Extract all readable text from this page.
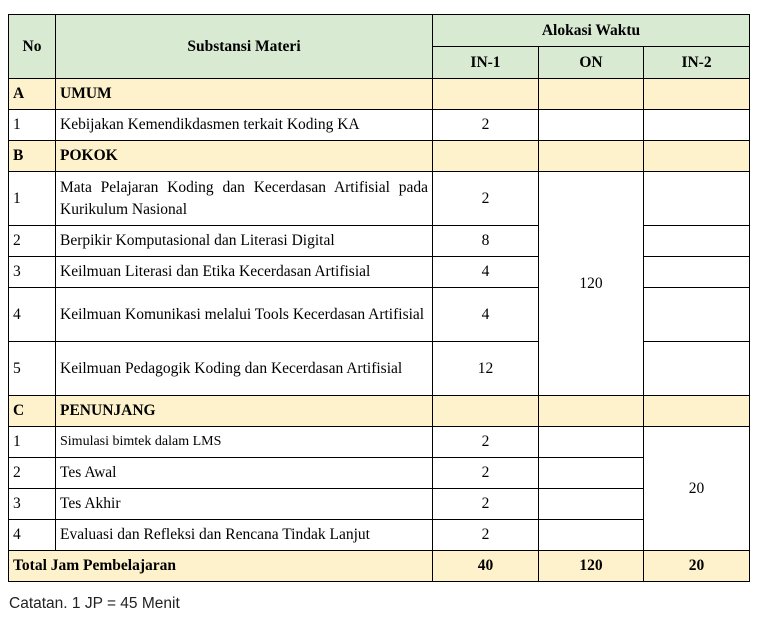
No	Substansi Materi	Alokasi Waktu		
		IN-1	ON	IN-2
A	UMUM			
1	Kebijakan Kemendikdasmen terkait Koding KA	2		
B	POKOK			
1	Mata Pelajaran Koding dan Kecerdasan Artifisial pada Kurikulum Nasional	2	120	
2	Berpikir Komputasional dan Literasi Digital	8		
3	Keilmuan Literasi dan Etika Kecerdasan Artifisial	4		
4	Keilmuan Komunikasi melalui Tools Kecerdasan Artifisial	4		
5	Keilmuan Pedagogik Koding dan Kecerdasan Artifisial	12		
C	PENUNJANG			
1	Simulasi bimtek dalam LMS	2		20
2	Tes Awal	2		
3	Tes Akhir	2		
4	Evaluasi dan Refleksi dan Rencana Tindak Lanjut	2		
Total Jam Pembelajaran		40	120	20
Catatan. 1 JP = 45 Menit
